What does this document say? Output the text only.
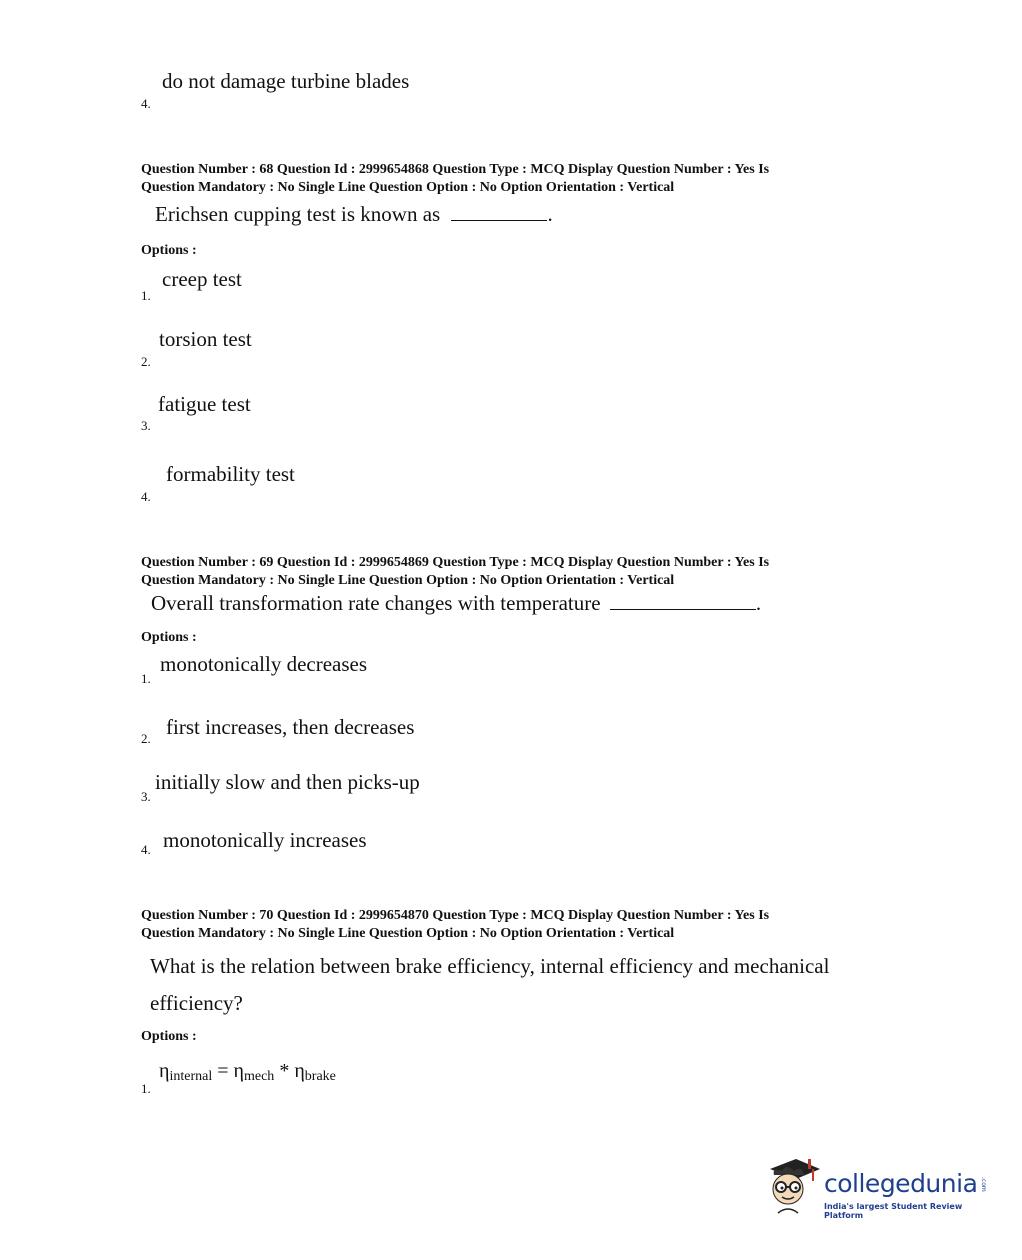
do not damage turbine blades
4.
Question Number : 68 Question Id : 2999654868 Question Type : MCQ Display Question Number : Yes Is
Question Mandatory : No Single Line Question Option : No Option Orientation : Vertical
Erichsen cupping test is known as	.
Options :
creep test
1.
torsion test
2.
fatigue test
3.
formability test
4.
Question Number : 69 Question Id : 2999654869 Question Type : MCQ Display Question Number : Yes Is
Question Mandatory : No Single Line Question Option : No Option Orientation : Vertical
Overall transformation rate changes with temperature	.
Options :
monotonically decreases
1.
first increases, then decreases
2.
initially slow and then picks-up
3.
monotonically increases
4.
Question Number : 70 Question Id : 2999654870 Question Type : MCQ Display Question Number : Yes Is
Question Mandatory : No Single Line Question Option : No Option Orientation : Vertical
What is the relation between brake efficiency, internal efficiency and mechanical
efficiency?
Options :
$\eta_{internal} = \eta_{mech} * \eta_{brake}$
1.
collegedunia .com
India's largest Student Review Platform
